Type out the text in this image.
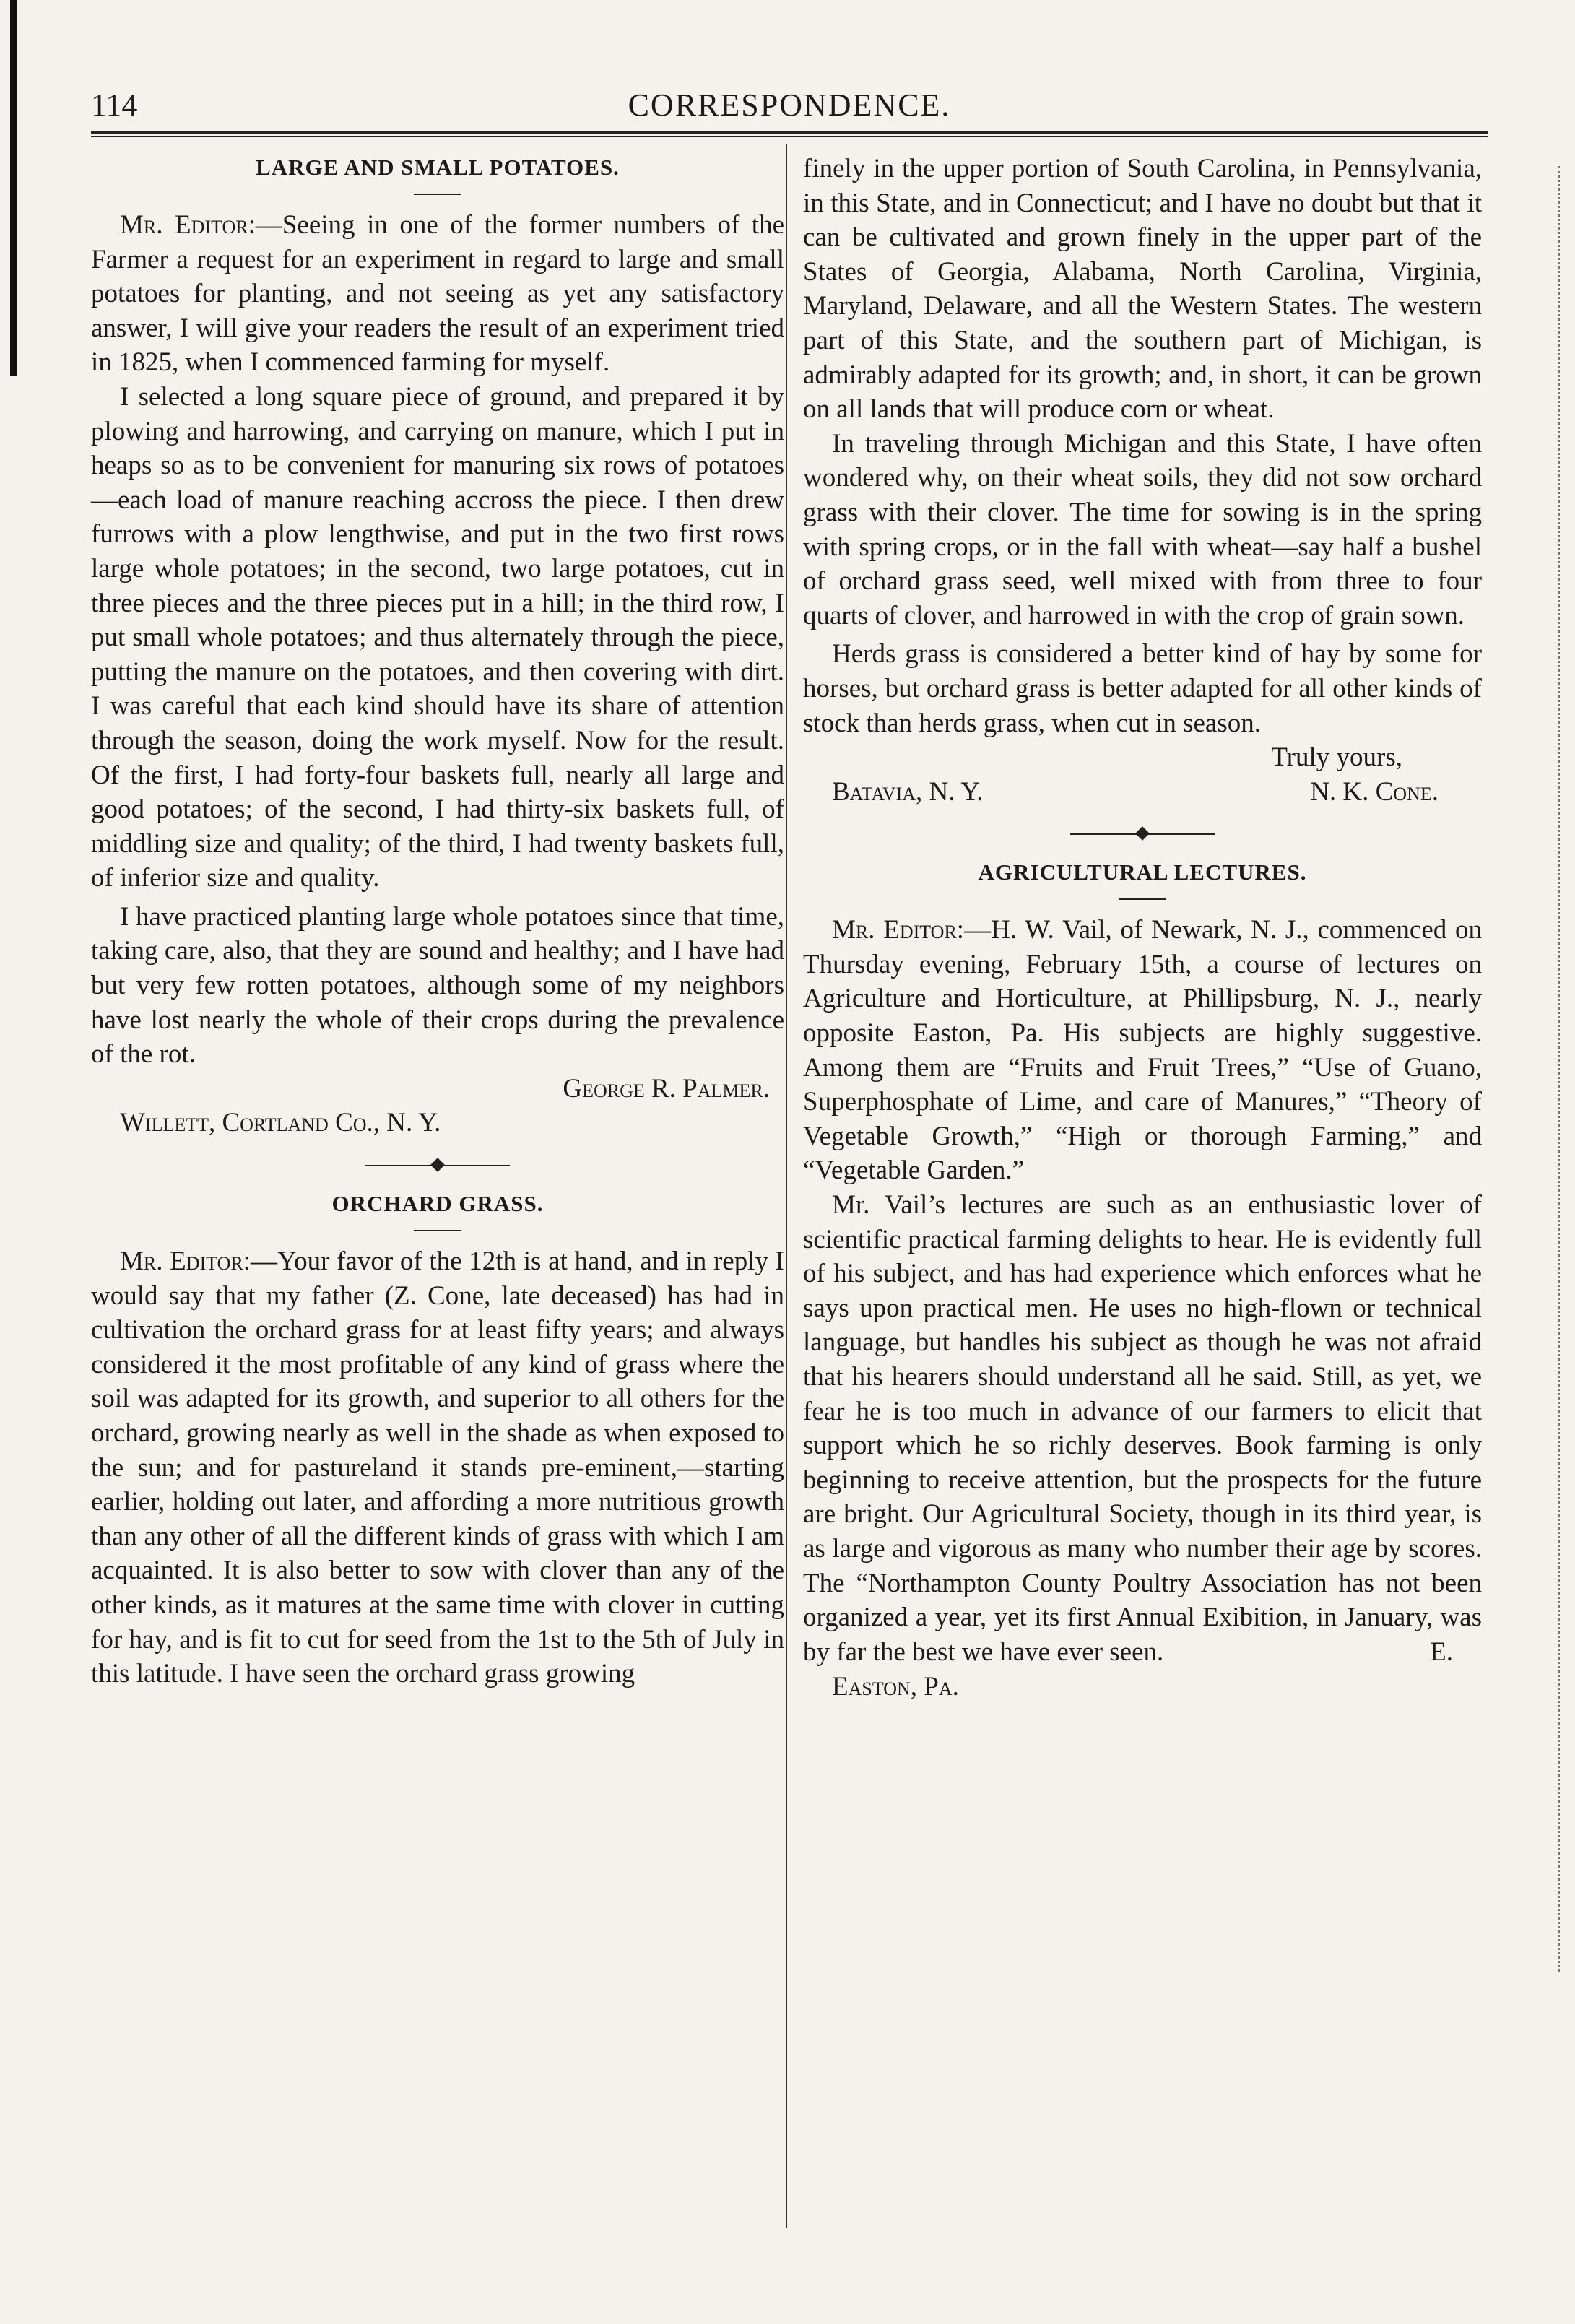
114	CORRESPONDENCE.
LARGE AND SMALL POTATOES.

Mr. Editor:—Seeing in one of the former numbers of the Farmer a request for an experiment in regard to large and small potatoes for planting, and not seeing as yet any satisfactory answer, I will give your readers the result of an experiment tried in 1825, when I commenced farming for myself.

I selected a long square piece of ground, and prepared it by plowing and harrowing, and carrying on manure, which I put in heaps so as to be convenient for manuring six rows of potatoes—each load of manure reaching accross the piece. I then drew furrows with a plow lengthwise, and put in the two first rows large whole potatoes; in the second, two large potatoes, cut in three pieces and the three pieces put in a hill; in the third row, I put small whole potatoes; and thus alternately through the piece, putting the manure on the potatoes, and then covering with dirt. I was careful that each kind should have its share of attention through the season, doing the work myself. Now for the result. Of the first, I had forty-four baskets full, nearly all large and good potatoes; of the second, I had thirty-six baskets full, of middling size and quality; of the third, I had twenty baskets full, of inferior size and quality.

I have practiced planting large whole potatoes since that time, taking care, also, that they are sound and healthy; and I have had but very few rotten potatoes, although some of my neighbors have lost nearly the whole of their crops during the prevalence of the rot.

George R. Palmer.
Willett, Cortland Co., N. Y.
ORCHARD GRASS.

Mr. Editor:—Your favor of the 12th is at hand, and in reply I would say that my father (Z. Cone, late deceased) has had in cultivation the orchard grass for at least fifty years; and always considered it the most profitable of any kind of grass where the soil was adapted for its growth, and superior to all others for the orchard, growing nearly as well in the shade as when exposed to the sun; and for pastureland it stands pre-eminent,—starting earlier, holding out later, and affording a more nutritious growth than any other of all the different kinds of grass with which I am acquainted. It is also better to sow with clover than any of the other kinds, as it matures at the same time with clover in cutting for hay, and is fit to cut for seed from the 1st to the 5th of July in this latitude. I have seen the orchard grass growing

finely in the upper portion of South Carolina, in Pennsylvania, in this State, and in Connecticut; and I have no doubt but that it can be cultivated and grown finely in the upper part of the States of Georgia, Alabama, North Carolina, Virginia, Maryland, Delaware, and all the Western States. The western part of this State, and the southern part of Michigan, is admirably adapted for its growth; and, in short, it can be grown on all lands that will produce corn or wheat.

In traveling through Michigan and this State, I have often wondered why, on their wheat soils, they did not sow orchard grass with their clover. The time for sowing is in the spring with spring crops, or in the fall with wheat—say half a bushel of orchard grass seed, well mixed with from three to four quarts of clover, and harrowed in with the crop of grain sown.

Herds grass is considered a better kind of hay by some for horses, but orchard grass is better adapted for all other kinds of stock than herds grass, when cut in season.

Truly yours,
Batavia, N. Y.	N. K. Cone.
AGRICULTURAL LECTURES.

Mr. Editor:—H. W. Vail, of Newark, N. J., commenced on Thursday evening, February 15th, a course of lectures on Agriculture and Horticulture, at Phillipsburg, N. J., nearly opposite Easton, Pa. His subjects are highly suggestive. Among them are “Fruits and Fruit Trees,” “Use of Guano, Superphosphate of Lime, and care of Manures,” “Theory of Vegetable Growth,” “High or thorough Farming,” and “Vegetable Garden.”

Mr. Vail’s lectures are such as an enthusiastic lover of scientific practical farming delights to hear. He is evidently full of his subject, and has had experience which enforces what he says upon practical men. He uses no high-flown or technical language, but handles his subject as though he was not afraid that his hearers should understand all he said. Still, as yet, we fear he is too much in advance of our farmers to elicit that support which he so richly deserves. Book farming is only beginning to receive attention, but the prospects for the future are bright. Our Agricultural Society, though in its third year, is as large and vigorous as many who number their age by scores. The “Northampton County Poultry Association has not been organized a year, yet its first Annual Exibition, in January, was by far the best we have ever seen.	E.
Easton, Pa.
